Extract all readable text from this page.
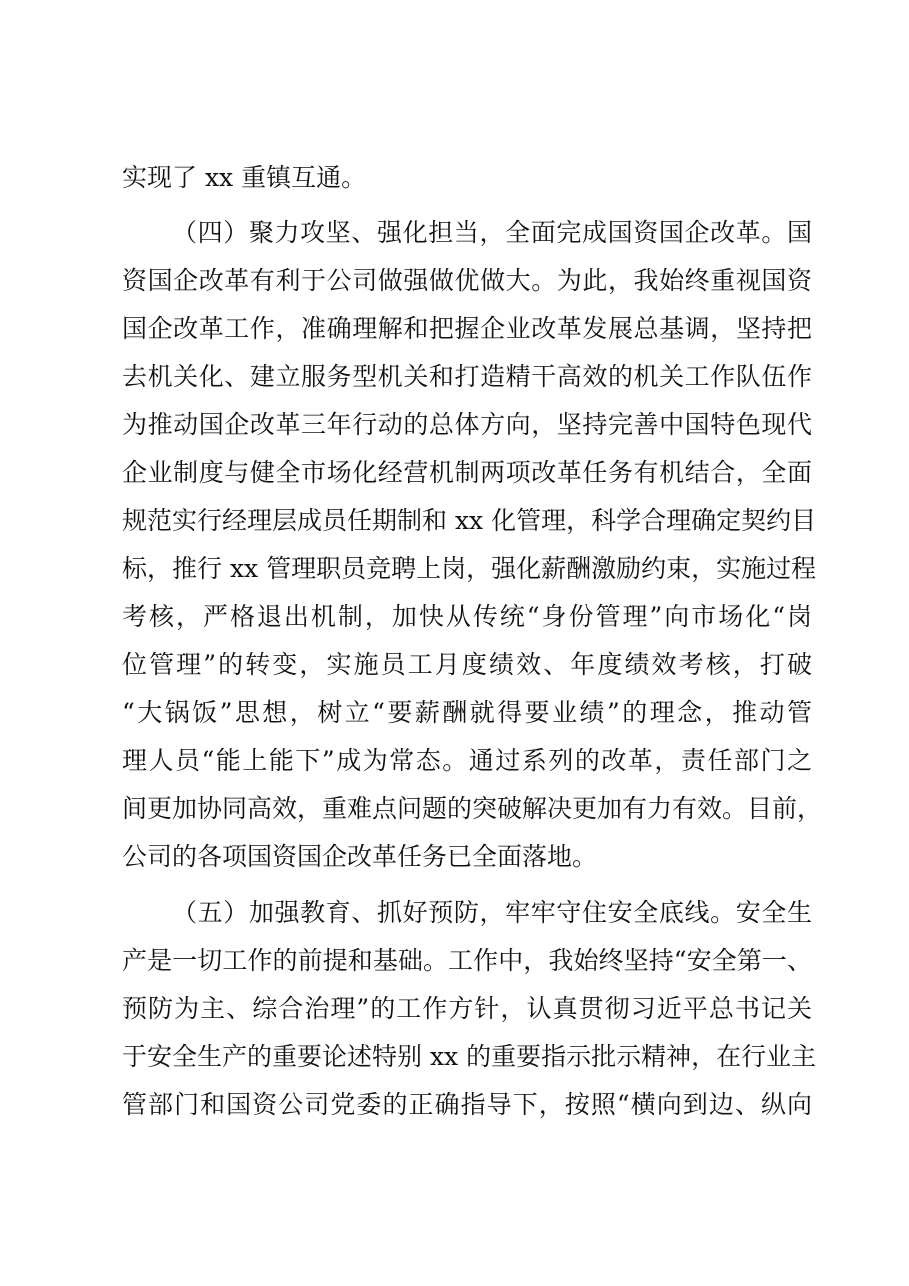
实现了 xx 重镇互通。
（四）聚力攻坚、强化担当，全面完成国资国企改革。国
资国企改革有利于公司做强做优做大。为此，我始终重视国资
国企改革工作，准确理解和把握企业改革发展总基调，坚持把
去机关化、建立服务型机关和打造精干高效的机关工作队伍作
为推动国企改革三年行动的总体方向，坚持完善中国特色现代
企业制度与健全市场化经营机制两项改革任务有机结合，全面
规范实行经理层成员任期制和 xx 化管理，科学合理确定契约目
标，推行 xx 管理职员竞聘上岗，强化薪酬激励约束，实施过程
考核，严格退出机制，加快从传统“身份管理”向市场化“岗
位管理”的转变，实施员工月度绩效、年度绩效考核，打破
“大锅饭”思想，树立“要薪酬就得要业绩”的理念，推动管
理人员“能上能下”成为常态。通过系列的改革，责任部门之
间更加协同高效，重难点问题的突破解决更加有力有效。目前，
公司的各项国资国企改革任务已全面落地。
（五）加强教育、抓好预防，牢牢守住安全底线。安全生
产是一切工作的前提和基础。工作中，我始终坚持“安全第一、
预防为主、综合治理”的工作方针，认真贯彻习近平总书记关
于安全生产的重要论述特别 xx 的重要指示批示精神，在行业主
管部门和国资公司党委的正确指导下，按照“横向到边、纵向
